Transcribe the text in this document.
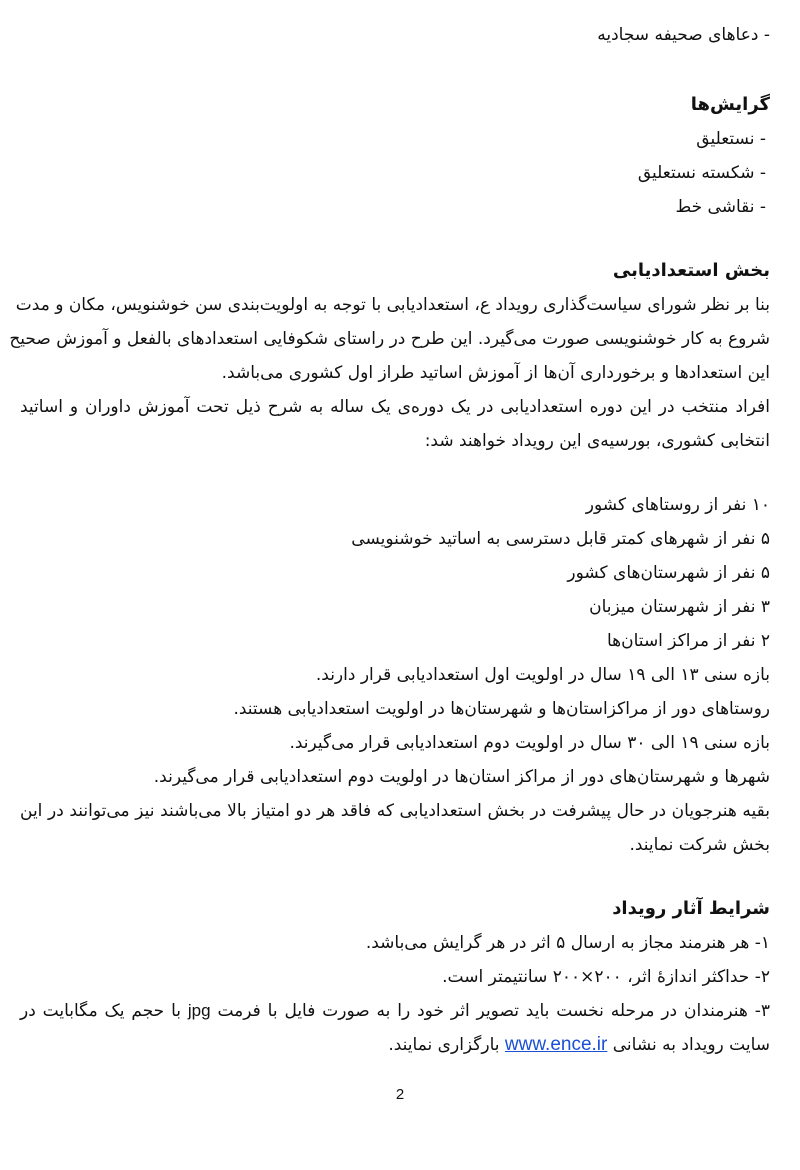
- دعاهای صحیفه سجادیه
گرایش‌ها
- نستعلیق
- شکسته نستعلیق
- نقاشی خط
بخش استعدادیابی
بنا بر نظر شورای سیاست‌گذاری رویداد ع، استعدادیابی با توجه به اولویت‌بندی سن خوشنویس، مکان و مدت
شروع به کار خوشنویسی صورت می‌گیرد. این طرح در راستای شکوفایی استعدادهای بالفعل و آموزش صحیح
این استعدادها و برخورداری آن‌ها از آموزش اساتید طراز اول کشوری می‌باشد.
افراد منتخب در این دوره استعدادیابی در یک دوره‌ی یک ساله به شرح ذیل تحت آموزش داوران و اساتید
انتخابی کشوری، بورسیه‌ی این رویداد خواهند شد:
۱۰ نفر از روستاهای کشور
۵ نفر از شهرهای کمتر قابل دسترسی به اساتید خوشنویسی
۵ نفر از شهرستان‌های کشور
۳ نفر از شهرستان میزبان
۲ نفر از مراکز استان‌ها
بازه سنی ۱۳ الی ۱۹ سال در اولویت اول استعدادیابی قرار دارند.
روستاهای دور از مراکزاستان‌ها و شهرستان‌ها در اولویت استعدادیابی هستند.
بازه سنی ۱۹ الی ۳۰ سال در اولویت دوم استعدادیابی قرار می‌گیرند.
شهرها و شهرستان‌های دور از مراکز استان‌ها در اولویت دوم استعدادیابی قرار می‌گیرند.
بقیه هنرجویان در حال پیشرفت در بخش استعدادیابی که فاقد هر دو امتیاز بالا می‌باشند نیز می‌توانند در این
بخش شرکت نمایند.
شرایط آثار رویداد
۱- هر هنرمند مجاز به ارسال ۵ اثر در هر گرایش می‌باشد.
۲- حداکثر اندازهٔ اثر، ۲۰۰×۲۰۰ سانتیمتر است.
۳- هنرمندان در مرحله نخست باید تصویر اثر خود را به صورت فایل با فرمت jpg با حجم یک مگابایت در
سایت رویداد به نشانی www.ence.ir بارگزاری نمایند.
2
